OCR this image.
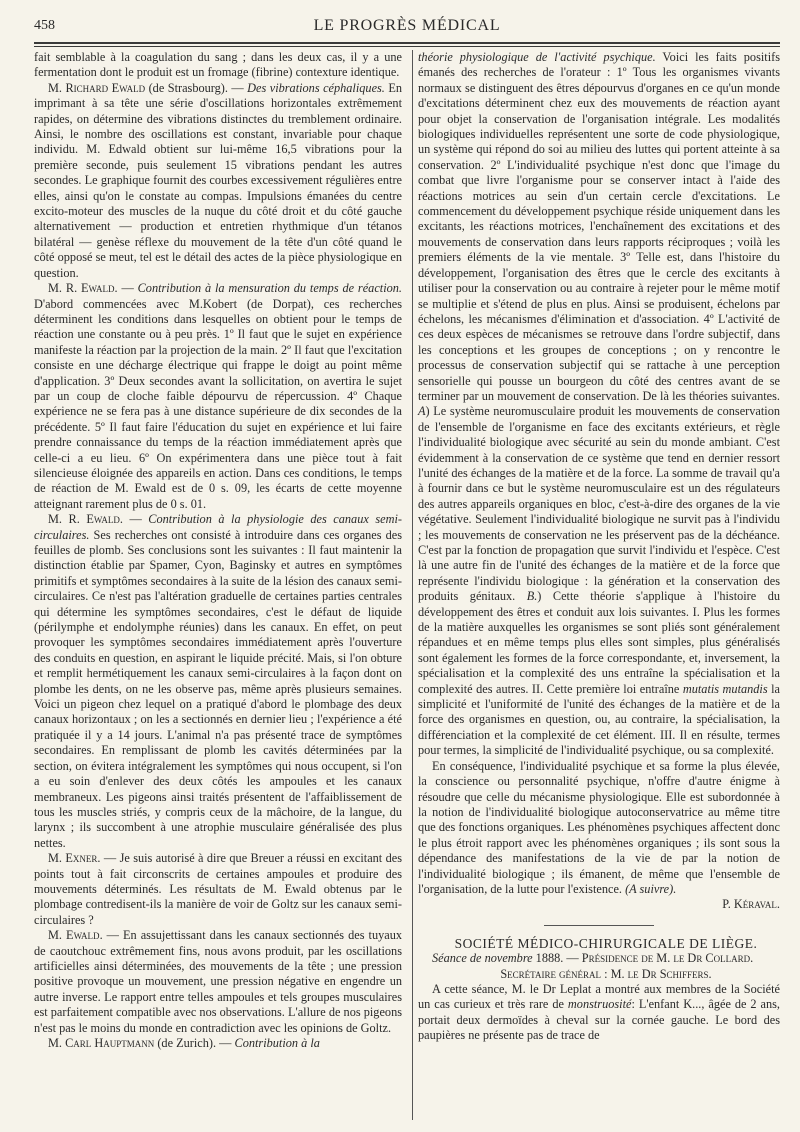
458	LE PROGRÈS MÉDICAL

fait semblable à la coagulation du sang ; dans les deux cas, il y a une fermentation dont le produit est un fromage (fibrine) contexture identique.

M. Richard Ewald (de Strasbourg). — Des vibrations céphaliques. En imprimant à sa tête une série d'oscillations horizontales extrêmement rapides, on détermine des vibrations distinctes du tremblement ordinaire. Ainsi, le nombre des oscillations est constant, invariable pour chaque individu. M. Edwald obtient sur lui-même 16,5 vibrations pour la première seconde, puis seulement 15 vibrations pendant les autres secondes. Le graphique fournit des courbes excessivement régulières entre elles, ainsi qu'on le constate au compas. Impulsions émanées du centre excito-moteur des muscles de la nuque du côté droit et du côté gauche alternativement — production et entretien rhythmique d'un tétanos bilatéral — genèse réflexe du mouvement de la tête d'un côté quand le côté opposé se meut, tel est le détail des actes de la pièce physiologique en question.

M. R. Ewald. — Contribution à la mensuration du temps de réaction. D'abord commencées avec M.Kobert (de Dorpat), ces recherches déterminent les conditions dans lesquelles on obtient pour le temps de réaction une constante ou à peu près. 1º Il faut que le sujet en expérience manifeste la réaction par la projection de la main. 2º Il faut que l'excitation consiste en une décharge électrique qui frappe le doigt au point même d'application. 3º Deux secondes avant la sollicitation, on avertira le sujet par un coup de cloche faible dépourvu de répercussion. 4º Chaque expérience ne se fera pas à une distance supérieure de dix secondes de la précédente. 5º Il faut faire l'éducation du sujet en expérience et lui faire prendre connaissance du temps de la réaction immédiatement après que celle-ci a eu lieu. 6º On expérimentera dans une pièce tout à fait silencieuse éloignée des appareils en action. Dans ces conditions, le temps de réaction de M. Ewald est de 0 s. 09, les écarts de cette moyenne atteignant rarement plus de 0 s. 01.

M. R. Ewald. — Contribution à la physiologie des canaux semi-circulaires. Ses recherches ont consisté à introduire dans ces organes des feuilles de plomb. Ses conclusions sont les suivantes : Il faut maintenir la distinction établie par Spamer, Cyon, Baginsky et autres en symptômes primitifs et symptômes secondaires à la suite de la lésion des canaux semi-circulaires. Ce n'est pas l'altération graduelle de certaines parties centrales qui détermine les symptômes secondaires, c'est le défaut de liquide (périlymphe et endolymphe réunies) dans les canaux. En effet, on peut provoquer les symptômes secondaires immédiatement après l'ouverture des conduits en question, en aspirant le liquide précité. Mais, si l'on obture et remplit hermétiquement les canaux semi-circulaires à la façon dont on plombe les dents, on ne les observe pas, même après plusieurs semaines. Voici un pigeon chez lequel on a pratiqué d'abord le plombage des deux canaux horizontaux ; on les a sectionnés en dernier lieu ; l'expérience a été pratiquée il y a 14 jours. L'animal n'a pas présenté trace de symptômes secondaires. En remplissant de plomb les cavités déterminées par la section, on évitera intégralement les symptômes qui nous occupent, si l'on a eu soin d'enlever des deux côtés les ampoules et les canaux membraneux. Les pigeons ainsi traités présentent de l'affaiblissement de tous les muscles striés, y compris ceux de la mâchoire, de la langue, du larynx ; ils succombent à une atrophie musculaire généralisée des plus nettes.

M. Exner. — Je suis autorisé à dire que Breuer a réussi en excitant des points tout à fait circonscrits de certaines ampoules et produire des mouvements déterminés. Les résultats de M. Ewald obtenus par le plombage contredisent-ils la manière de voir de Goltz sur les canaux semi-circulaires ?

M. Ewald. — En assujettissant dans les canaux sectionnés des tuyaux de caoutchouc extrêmement fins, nous avons produit, par les oscillations artificielles ainsi déterminées, des mouvements de la tête ; une pression positive provoque un mouvement, une pression négative en engendre un autre inverse. Le rapport entre telles ampoules et tels groupes musculaires est parfaitement compatible avec nos observations. L'allure de nos pigeons n'est pas le moins du monde en contradiction avec les opinions de Goltz.

M. Carl Hauptmann (de Zurich). — Contribution à la

théorie physiologique de l'activité psychique. Voici les faits positifs émanés des recherches de l'orateur : 1º Tous les organismes vivants normaux se distinguent des êtres dépourvus d'organes en ce qu'un monde d'excitations déterminent chez eux des mouvements de réaction ayant pour objet la conservation de l'organisation intégrale. Les modalités biologiques individuelles représentent une sorte de code physiologique, un système qui répond do soi au milieu des luttes qui portent atteinte à sa conservation. 2º L'individualité psychique n'est donc que l'image du combat que livre l'organisme pour se conserver intact à l'aide des réactions motrices au sein d'un certain cercle d'excitations. Le commencement du développement psychique réside uniquement dans les excitants, les réactions motrices, l'enchaînement des excitations et des mouvements de conservation dans leurs rapports réciproques ; voilà les premiers éléments de la vie mentale. 3º Telle est, dans l'histoire du développement, l'organisation des êtres que le cercle des excitants à utiliser pour la conservation ou au contraire à rejeter pour le même motif se multiplie et s'étend de plus en plus. Ainsi se produisent, échelons par échelons, les mécanismes d'élimination et d'association. 4º L'activité de ces deux espèces de mécanismes se retrouve dans l'ordre subjectif, dans les conceptions et les groupes de conceptions ; on y rencontre le processus de conservation subjectif qui se rattache à une perception sensorielle qui pousse un bourgeon du côté des centres avant de se terminer par un mouvement de conservation. De là les théories suivantes. A) Le système neuromusculaire produit les mouvements de conservation de l'ensemble de l'organisme en face des excitants extérieurs, et règle l'individualité biologique avec sécurité au sein du monde ambiant. C'est évidemment à la conservation de ce système que tend en dernier ressort l'unité des échanges de la matière et de la force. La somme de travail qu'a à fournir dans ce but le système neuromusculaire est un des régulateurs des autres appareils organiques en bloc, c'est-à-dire des organes de la vie végétative. Seulement l'individualité biologique ne survit pas à l'individu ; les mouvements de conservation ne les préservent pas de la déchéance. C'est par la fonction de propagation que survit l'individu et l'espèce. C'est là une autre fin de l'unité des échanges de la matière et de la force que représente l'individu biologique : la génération et la conservation des produits génitaux. B.) Cette théorie s'applique à l'histoire du développement des êtres et conduit aux lois suivantes. I. Plus les formes de la matière auxquelles les organismes se sont pliés sont généralement répandues et en même temps plus elles sont simples, plus généralisés sont également les formes de la force correspondante, et, inversement, la spécialisation et la complexité des uns entraîne la spécialisation et la complexité des autres. II. Cette première loi entraîne mutatis mutandis la simplicité et l'uniformité de l'unité des échanges de la matière et de la force des organismes en question, ou, au contraire, la spécialisation, la différenciation et la complexité de cet élément. III. Il en résulte, termes pour termes, la simplicité de l'individualité psychique, ou sa complexité.

En conséquence, l'individualité psychique et sa forme la plus élevée, la conscience ou personnalité psychique, n'offre d'autre énigme à résoudre que celle du mécanisme physiologique. Elle est subordonnée à la notion de l'individualité biologique autoconservatrice au même titre que des fonctions organiques. Les phénomènes psychiques affectent donc le plus étroit rapport avec les phénomènes organiques ; ils sont sous la dépendance des manifestations de la vie de par la notion de l'individualité biologique ; ils émanent, de même que l'ensemble de l'organisation, de la lutte pour l'existence. (A suivre).

P. Kéraval.

SOCIÉTÉ MÉDICO-CHIRURGICALE DE LIÈGE.

Séance de novembre 1888. — Présidence de M. le Dr Collard.

Secrétaire général : M. le Dr Schiffers.

A cette séance, M. le Dr Leplat a montré aux membres de la Société un cas curieux et très rare de monstruosité: L'enfant K..., âgée de 2 ans, portait deux dermoïdes à cheval sur la cornée gauche. Le bord des paupières ne présente pas de trace de
